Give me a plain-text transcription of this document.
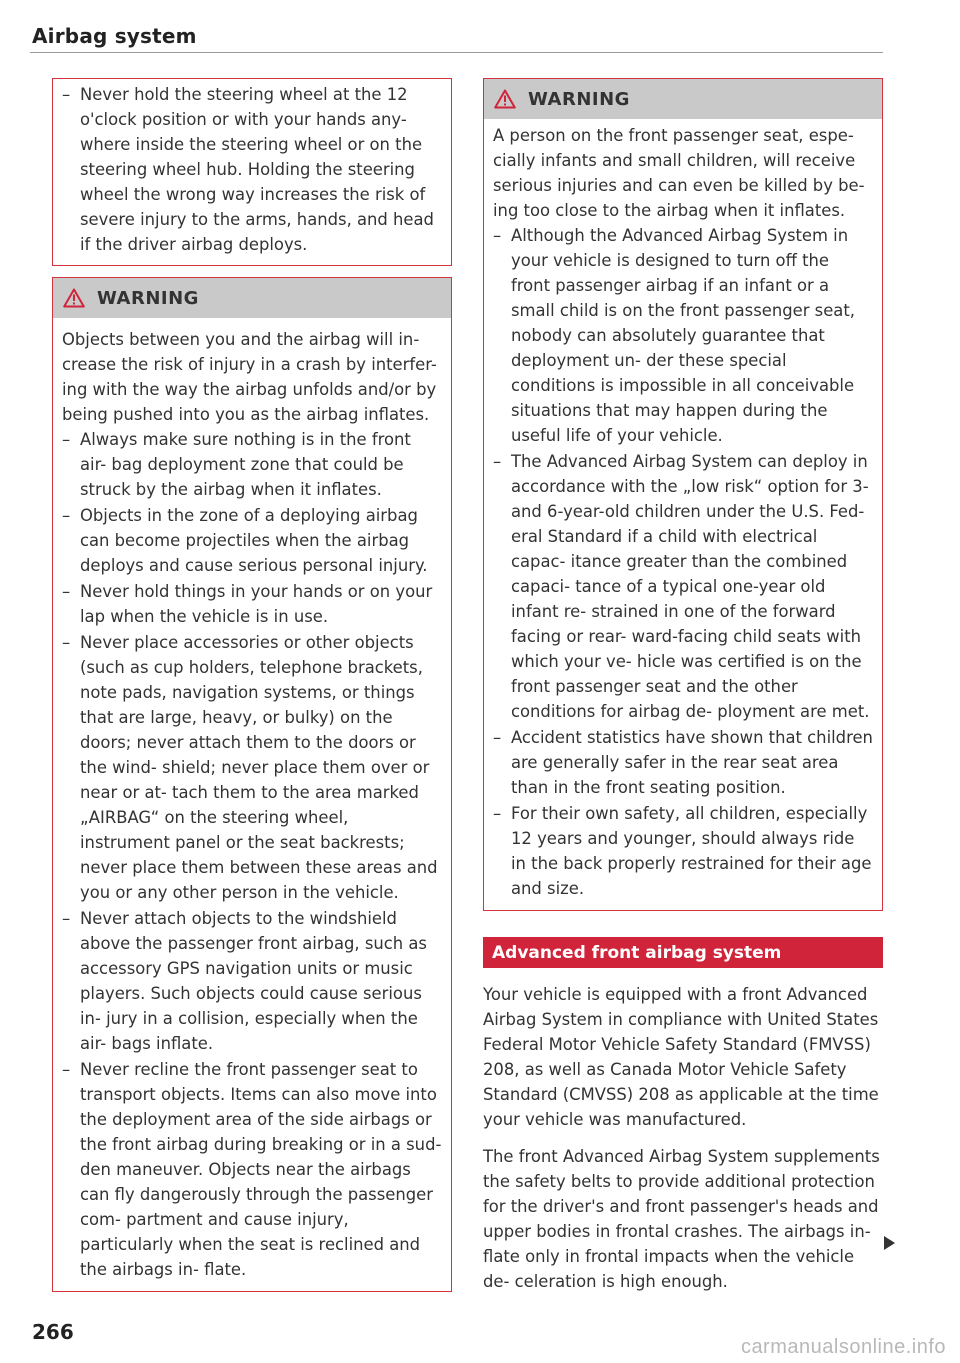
Airbag system
– Never hold the steering wheel at the 12 o'clock position or with your hands any- where inside the steering wheel or on the steering wheel hub. Holding the steering wheel the wrong way increases the risk of severe injury to the arms, hands, and head if the driver airbag deploys.
WARNING

Objects between you and the airbag will in- crease the risk of injury in a crash by interfer- ing with the way the airbag unfolds and/or by being pushed into you as the airbag inflates.

– Always make sure nothing is in the front air- bag deployment zone that could be struck by the airbag when it inflates.
– Objects in the zone of a deploying airbag can become projectiles when the airbag deploys and cause serious personal injury.
– Never hold things in your hands or on your lap when the vehicle is in use.
– Never place accessories or other objects (such as cup holders, telephone brackets, note pads, navigation systems, or things that are large, heavy, or bulky) on the doors; never attach them to the doors or the wind- shield; never place them over or near or at- tach them to the area marked „AIRBAG“ on the steering wheel, instrument panel or the seat backrests; never place them between these areas and you or any other person in the vehicle.
– Never attach objects to the windshield above the passenger front airbag, such as accessory GPS navigation units or music players. Such objects could cause serious in- jury in a collision, especially when the air- bags inflate.
– Never recline the front passenger seat to transport objects. Items can also move into the deployment area of the side airbags or the front airbag during breaking or in a sud- den maneuver. Objects near the airbags can fly dangerously through the passenger com- partment and cause injury, particularly when the seat is reclined and the airbags in- flate.
WARNING

A person on the front passenger seat, espe- cially infants and small children, will receive serious injuries and can even be killed by be- ing too close to the airbag when it inflates.

– Although the Advanced Airbag System in your vehicle is designed to turn off the front passenger airbag if an infant or a small child is on the front passenger seat, nobody can absolutely guarantee that deployment un- der these special conditions is impossible in all conceivable situations that may happen during the useful life of your vehicle.
– The Advanced Airbag System can deploy in accordance with the „low risk“ option for 3- and 6-year-old children under the U.S. Fed- eral Standard if a child with electrical capac- itance greater than the combined capaci- tance of a typical one-year old infant re- strained in one of the forward facing or rear- ward-facing child seats with which your ve- hicle was certified is on the front passenger seat and the other conditions for airbag de- ployment are met.
– Accident statistics have shown that children are generally safer in the rear seat area than in the front seating position.
– For their own safety, all children, especially 12 years and younger, should always ride in the back properly restrained for their age and size.
Advanced front airbag system

Your vehicle is equipped with a front Advanced Airbag System in compliance with United States Federal Motor Vehicle Safety Standard (FMVSS) 208, as well as Canada Motor Vehicle Safety Standard (CMVSS) 208 as applicable at the time your vehicle was manufactured.

The front Advanced Airbag System supplements the safety belts to provide additional protection for the driver's and front passenger's heads and upper bodies in frontal crashes. The airbags in- flate only in frontal impacts when the vehicle de- celeration is high enough.

266
carmanualsonline.info
